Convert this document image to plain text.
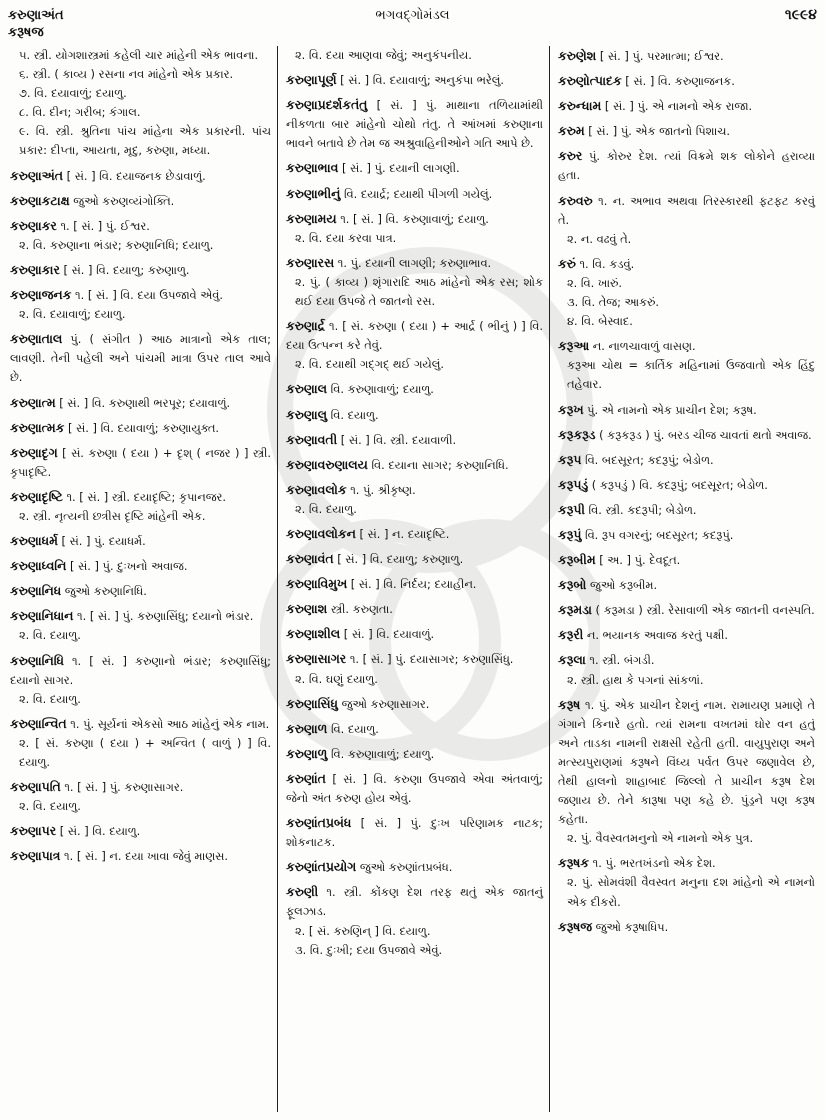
કરુણાઅંત	ભગવદ્ગોમંડલ	૧૯૯૪
કરૂષજ
૫. સ્ત્રી. યોગશાસ્ત્રમાં કહેલી ચાર માંહેની એક ભાવના.
૬. સ્ત્રી. ( કાવ્ય ) રસના નવ માંહેનો એક પ્રકાર.
૭. વિ. દયાવાળું; દયાળુ.
૮. વિ. દીન; ગરીબ; કંગાલ.
૯. વિ. સ્ત્રી. શ્રુતિના પાંચ માંહેના એક પ્રકારની. પાંચ પ્રકાર: દીપ્તા, આયતા, મૃદુ, કરુણા, મધ્યા.
કરુણાઅંત [ સં. ] વિ. દયાજનક છેડાવાળું.
કરુણાકટાક્ષ જુઓ કરુણવ્યંગોક્તિ.
કરુણાકર ૧. [ સં. ] પું. ઈશ્વર.
૨. વિ. કરુણાના ભંડાર; કરુણાનિધિ; દયાળુ.
કરુણાકાર [ સં. ] વિ. દયાળુ; કરુણાળુ.
કરુણાજનક ૧. [ સં. ] વિ. દયા ઉપજાવે એવું.
૨. વિ. દયાવાળું; દયાળુ.
કરુણાતાલ પું. ( સંગીત ) આઠ માત્રાનો એક તાલ; લાવણી. તેની પહેલી અને પાંચમી માત્રા ઉપર તાલ આવે છે.
કરુણાત્મ [ સં. ] વિ. કરુણાથી ભરપૂર; દયાવાળું.
કરુણાત્મક [ સં. ] વિ. દયાવાળું; કરુણાયુક્ત.
કરુણાદૃગ [ સં. કરુણા ( દયા ) + દૃશ્ ( નજર ) ] સ્ત્રી. કૃપાદૃષ્ટિ.
કરુણાદૃષ્ટિ ૧. [ સં. ] સ્ત્રી. દયાદૃષ્ટિ; કૃપાનજર.
૨. સ્ત્રી. નૃત્યની છત્રીસ દૃષ્ટિ માંહેની એક.
કરુણાધર્મ [ સં. ] પું. દયાધર્મ.
કરુણાધ્વનિ [ સં. ] પું. દુઃખનો અવાજ.
કરુણાનિધ જુઓ કરુણાનિધિ.
કરુણાનિધાન ૧. [ સં. ] પું. કરુણાસિંધુ; દયાનો ભંડાર.
૨. વિ. દયાળુ.
કરુણાનિધિ ૧. [ સં. ] કરુણાનો ભંડાર; કરુણાસિંધુ; દયાનો સાગર.
૨. વિ. દયાળુ.
કરુણાન્વિત ૧. પું. સૂર્યનાં એકસો આઠ માંહેનું એક નામ.
૨. [ સં. કરુણા ( દયા ) + અન્વિત ( વાળું ) ] વિ. દયાળુ.
કરુણાપતિ ૧. [ સં. ] પું. કરુણાસાગર.
૨. વિ. દયાળુ.
કરુણાપર [ સં. ] વિ. દયાળુ.
કરુણાપાત્ર ૧. [ સં. ] ન. દયા ખાવા જેવું માણસ.
૨. વિ. દયા આણવા જેવું; અનુકંપનીય.
કરુણાપૂર્ણ [ સં. ] વિ. દયાવાળું; અનુકંપા ભરેલું.
કરુણાપ્રદર્શકતંતુ [ સં. ] પું. માથાના તળિયામાંથી નીકળતા બાર માંહેનો ચોથો તંતુ. તે આંખમાં કરુણાના ભાવને બતાવે છે તેમ જ અશ્રુવાહિનીઓને ગતિ આપે છે.
કરુણાભાવ [ સં. ] પું. દયાની લાગણી.
કરુણાભીનું વિ. દયાર્દ્ર; દયાથી પીગળી ગયેલું.
કરુણામય ૧. [ સં. ] વિ. કરુણાવાળું; દયાળુ.
૨. વિ. દયા કરવા પાત્ર.
કરુણારસ ૧. પું. દયાની લાગણી; કરુણાભાવ.
૨. પું. ( કાવ્ય ) શૃંગારાદિ આઠ માંહેનો એક રસ; શોક થઈ દયા ઉપજે તે જાતનો રસ.
કરુણાર્દ્ર ૧. [ સં. કરુણા ( દયા ) + આર્દ્ર ( ભીનું ) ] વિ. દયા ઉત્પન્ન કરે તેવું.
૨. વિ. દયાથી ગદ્ગદ્ થઈ ગયેલું.
કરુણાલ વિ. કરુણાવાળું; દયાળુ.
કરુણાલુ વિ. દયાળુ.
કરુણાવતી [ સં. ] વિ. સ્ત્રી. દયાવાળી.
કરુણાવરુણાલય વિ. દયાના સાગર; કરુણાનિધિ.
કરુણાવલોક ૧. પું. શ્રીકૃષ્ણ.
૨. વિ. દયાળુ.
કરુણાવલોકન [ સં. ] ન. દયાદૃષ્ટિ.
કરુણાવંત [ સં. ] વિ. દયાળુ; કરુણાળુ.
કરુણાવિમુખ [ સં. ] વિ. નિર્દય; દયાહીન.
કરુણાશ સ્ત્રી. કરુણતા.
કરુણાશીલ [ સં. ] વિ. દયાવાળું.
કરુણાસાગર ૧. [ સં. ] પું. દયાસાગર; કરુણાસિંધુ.
૨. વિ. ઘણું દયાળુ.
કરુણાસિંધુ જુઓ કરુણાસાગર.
કરુણાળ વિ. દયાળુ.
કરુણાળુ વિ. કરુણાવાળું; દયાળુ.
કરુણાંત [ સં. ] વિ. કરુણા ઉપજાવે એવા અંતવાળું; જેનો અંત કરુણ હોય એવું.
કરુણાંતપ્રબંધ [ સં. ] પું. દુઃખ પરિણામક નાટક; શોકનાટક.
કરુણાંતપ્રયોગ જુઓ કરુણાંતપ્રબંધ.
કરુણી ૧. સ્ત્રી. કોંકણ દેશ તરફ થતું એક જાતનું ફૂલઝાડ.
૨. [ સં. કરુણિન્ ] વિ. દયાળુ.
૩. વિ. દુઃખી; દયા ઉપજાવે એવું.
કરુણેશ [ સં. ] પું. પરમાત્મા; ઈશ્વર.
કરુણોત્પાદક [ સં. ] વિ. કરુણાજનક.
કરુન્ધામ [ સં. ] પું. એ નામનો એક રાજા.
કરુમ [ સં. ] પું. એક જાતનો પિશાચ.
કરુર પું. કોરુર દેશ. ત્યાં વિક્રમે શક લોકોને હરાવ્યા હતા.
કરુવરુ ૧. ન. અભાવ અથવા તિરસ્કારથી ફટફટ કરવું તે.
૨. ન. વઢવું તે.
કરું ૧. વિ. કડવું.
૨. વિ. ખારું.
૩. વિ. તેજ; આકરું.
૪. વિ. બેસ્વાદ.
કરૂઆ ન. નાળચાવાળું વાસણ.
કરૂઆ ચોથ = કાર્તિક મહિનામાં ઉજવાતો એક હિંદુ તહેવાર.
કરૂખ પું. એ નામનો એક પ્રાચીન દેશ; કરૂષ.
કરૂકરૂડ ( કરૂકરૂડ ) પું. બરડ ચીજ ચાવતાં થતો અવાજ.
કરૂપ વિ. બદસૂરત; કદરૂપું; બેડોળ.
કરૂપડું ( કરૂપડું ) વિ. કદરૂપું; બદસૂરત; બેડોળ.
કરૂપી વિ. સ્ત્રી. કદરૂપી; બેડોળ.
કરૂપું વિ. રૂપ વગરનું; બદસૂરત; કદરૂપું.
કરૂબીમ [ અ. ] પું. દેવદૂત.
કરૂબો જુઓ કરૂબીમ.
કરૂમડા ( કરૂમડા ) સ્ત્રી. રેસાવાળી એક જાતની વનસ્પતિ.
કરૂરી ન. ભયાનક અવાજ કરતું પક્ષી.
કરૂલા ૧. સ્ત્રી. બંગડી.
૨. સ્ત્રી. હાથ કે પગનાં સાંકળાં.
કરૂષ ૧. પું. એક પ્રાચીન દેશનું નામ. રામાયણ પ્રમાણે તે ગંગાને કિનારે હતો. ત્યાં રામના વખતમાં ઘોર વન હતું અને તાડકા નામની રાક્ષસી રહેતી હતી. વાયુપુરાણ અને મત્સ્યપુરાણમાં કરૂષને વિંધ્ય પર્વત ઉપર જણાવેલ છે, તેથી હાલનો શાહાબાદ જિલ્લો તે પ્રાચીન કરૂષ દેશ જણાય છે. તેને કારૂષા પણ કહે છે. પુંડ્રને પણ કરૂષ કહેતા.
૨. પું. વૈવસ્વતમનુનો એ નામનો એક પુત્ર.
કરૂષક ૧. પું. ભરતખંડનો એક દેશ.
૨. પું. સોમવંશી વૈવસ્વત મનુના દશ માંહેનો એ નામનો એક દીકરો.
કરૂષજ જુઓ કરૂષાધિપ.
